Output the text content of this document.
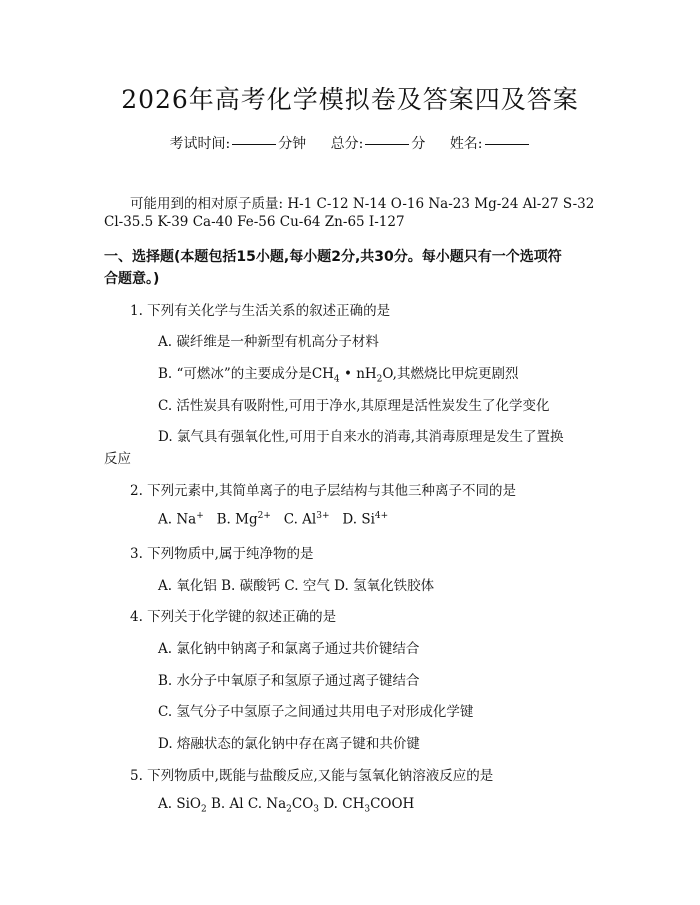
2026年高考化学模拟卷及答案四及答案
考试时间:	分钟 总分:	分 姓名:
可能用到的相对原子质量: H-1 C-12 N-14 O-16 Na-23 Mg-24 Al-27 S-32
Cl-35.5 K-39 Ca-40 Fe-56 Cu-64 Zn-65 I-127
一、选择题(本题包括15小题,每小题2分,共30分。每小题只有一个选项符
合题意。)
1. 下列有关化学与生活关系的叙述正确的是
A. 碳纤维是一种新型有机高分子材料
B. “可燃冰”的主要成分是$CH_4$ • $nH_2O$,其燃烧比甲烷更剧烈
C. 活性炭具有吸附性,可用于净水,其原理是活性炭发生了化学变化
D. 氯气具有强氧化性,可用于自来水的消毒,其消毒原理是发生了置换
反应
2. 下列元素中,其简单离子的电子层结构与其他三种离子不同的是
A. Na+ B. $Mg^{2+}$ C. $Al^{3+}$ D. $Si^{4+}$
3. 下列物质中,属于纯净物的是
A. 氧化铝 B. 碳酸钙 C. 空气 D. 氢氧化铁胶体
4. 下列关于化学键的叙述正确的是
A. 氯化钠中钠离子和氯离子通过共价键结合
B. 水分子中氧原子和氢原子通过离子键结合
C. 氢气分子中氢原子之间通过共用电子对形成化学键
D. 熔融状态的氯化钠中存在离子键和共价键
5. 下列物质中,既能与盐酸反应,又能与氢氧化钠溶液反应的是
A. SiO$_2$ B. Al C. $Na_2CO_3$ D. $CH_3COOH$
